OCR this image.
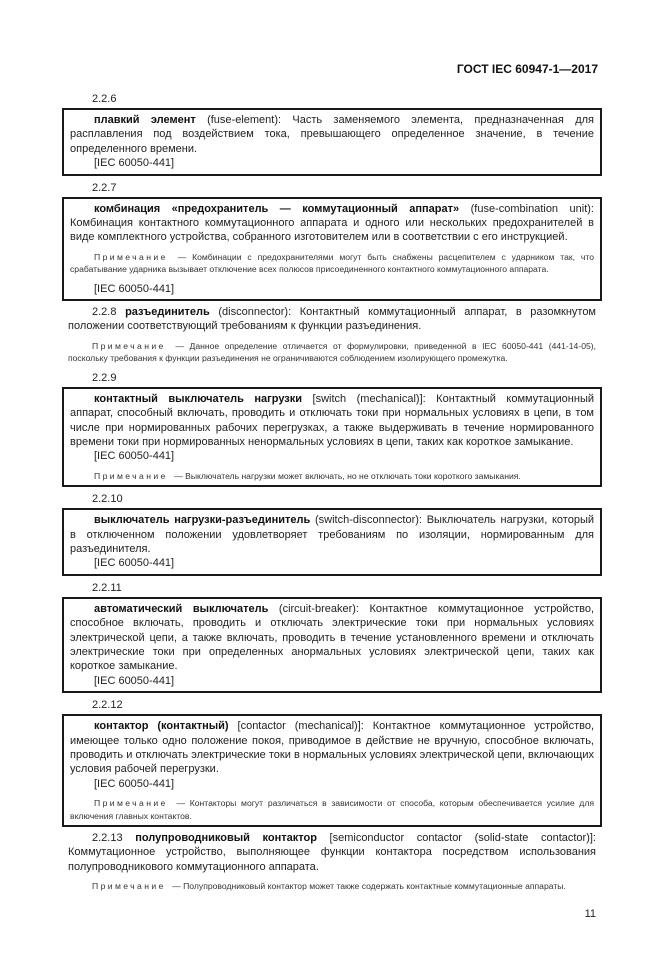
ГОСТ IEC 60947-1—2017
2.2.6

плавкий элемент (fuse-element): Часть заменяемого элемента, предназначенная для расплавления под воздействием тока, превышающего определенное значение, в течение определенного времени.

[IEC 60050-441]

2.2.7

комбинация «предохранитель — коммутационный аппарат» (fuse-combination unit): Комбинация контактного коммутационного аппарата и одного или нескольких предохранителей в виде комплектного устройства, собранного изготовителем или в соответствии с его инструкцией.

Примечание — Комбинации с предохранителями могут быть снабжены расцепителем с ударником так, что срабатывание ударника вызывает отключение всех полюсов присоединенного контактного коммутационного аппарата.

[IEC 60050-441]

2.2.8 разъединитель (disconnector): Контактный коммутационный аппарат, в разомкнутом положении соответствующий требованиям к функции разъединения.

Примечание — Данное определение отличается от формулировки, приведенной в IEC 60050-441 (441-14-05), поскольку требования к функции разъединения не ограничиваются соблюдением изолирующего промежутка.

2.2.9

контактный выключатель нагрузки [switch (mechanical)]: Контактный коммутационный аппарат, способный включать, проводить и отключать токи при нормальных условиях в цепи, в том числе при нормированных рабочих перегрузках, а также выдерживать в течение нормированного времени токи при нормированных ненормальных условиях в цепи, таких как короткое замыкание.

[IEC 60050-441]

Примечание — Выключатель нагрузки может включать, но не отключать токи короткого замыкания.

2.2.10

выключатель нагрузки-разъединитель (switch-disconnector): Выключатель нагрузки, который в отключенном положении удовлетворяет требованиям по изоляции, нормированным для разъединителя.

[IEC 60050-441]

2.2.11

автоматический выключатель (circuit-breaker): Контактное коммутационное устройство, способное включать, проводить и отключать электрические токи при нормальных условиях электрической цепи, а также включать, проводить в течение установленного времени и отключать электрические токи при определенных анормальных условиях электрической цепи, таких как короткое замыкание.

[IEC 60050-441]

2.2.12

контактор (контактный) [contactor (mechanical)]: Контактное коммутационное устройство, имеющее только одно положение покоя, приводимое в действие не вручную, способное включать, проводить и отключать электрические токи в нормальных условиях электрической цепи, включающих условия рабочей перегрузки.

[IEC 60050-441]

Примечание — Контакторы могут различаться в зависимости от способа, которым обеспечивается усилие для включения главных контактов.

2.2.13 полупроводниковый контактор [semiconductor contactor (solid-state contactor)]: Коммутационное устройство, выполняющее функции контактора посредством использования полупроводникового коммутационного аппарата.

Примечание — Полупроводниковый контактор может также содержать контактные коммутационные аппараты.

11
